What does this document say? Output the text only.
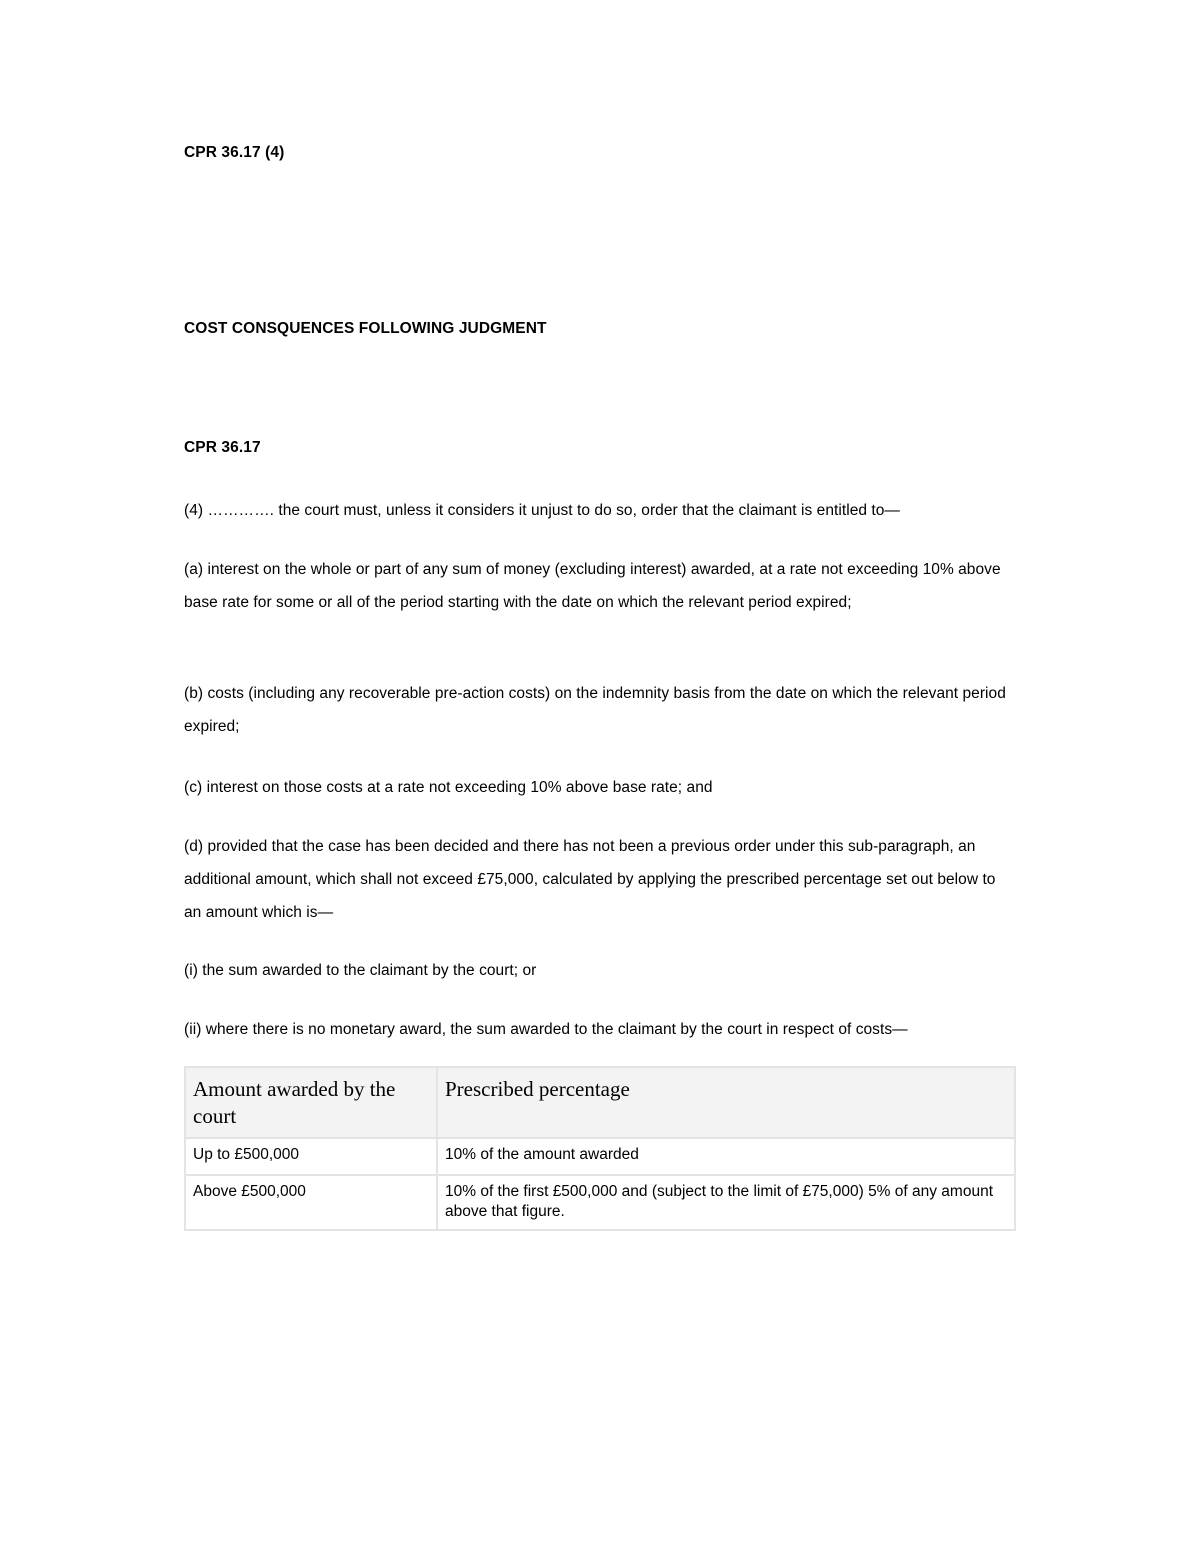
CPR 36.17 (4)
COST CONSQUENCES FOLLOWING JUDGMENT
CPR 36.17
(4) …………. the court must, unless it considers it unjust to do so, order that the claimant is entitled to—
(a) interest on the whole or part of any sum of money (excluding interest) awarded, at a rate not exceeding 10% above base rate for some or all of the period starting with the date on which the relevant period expired;
(b) costs (including any recoverable pre-action costs) on the indemnity basis from the date on which the relevant period expired;
(c) interest on those costs at a rate not exceeding 10% above base rate; and
(d) provided that the case has been decided and there has not been a previous order under this sub-paragraph, an additional amount, which shall not exceed £75,000, calculated by applying the prescribed percentage set out below to an amount which is—
(i) the sum awarded to the claimant by the court; or
(ii) where there is no monetary award, the sum awarded to the claimant by the court in respect of costs—
Amount awarded by the court	Prescribed percentage
Up to £500,000	10% of the amount awarded
Above £500,000	10% of the first £500,000 and (subject to the limit of £75,000) 5% of any amount above that figure.
